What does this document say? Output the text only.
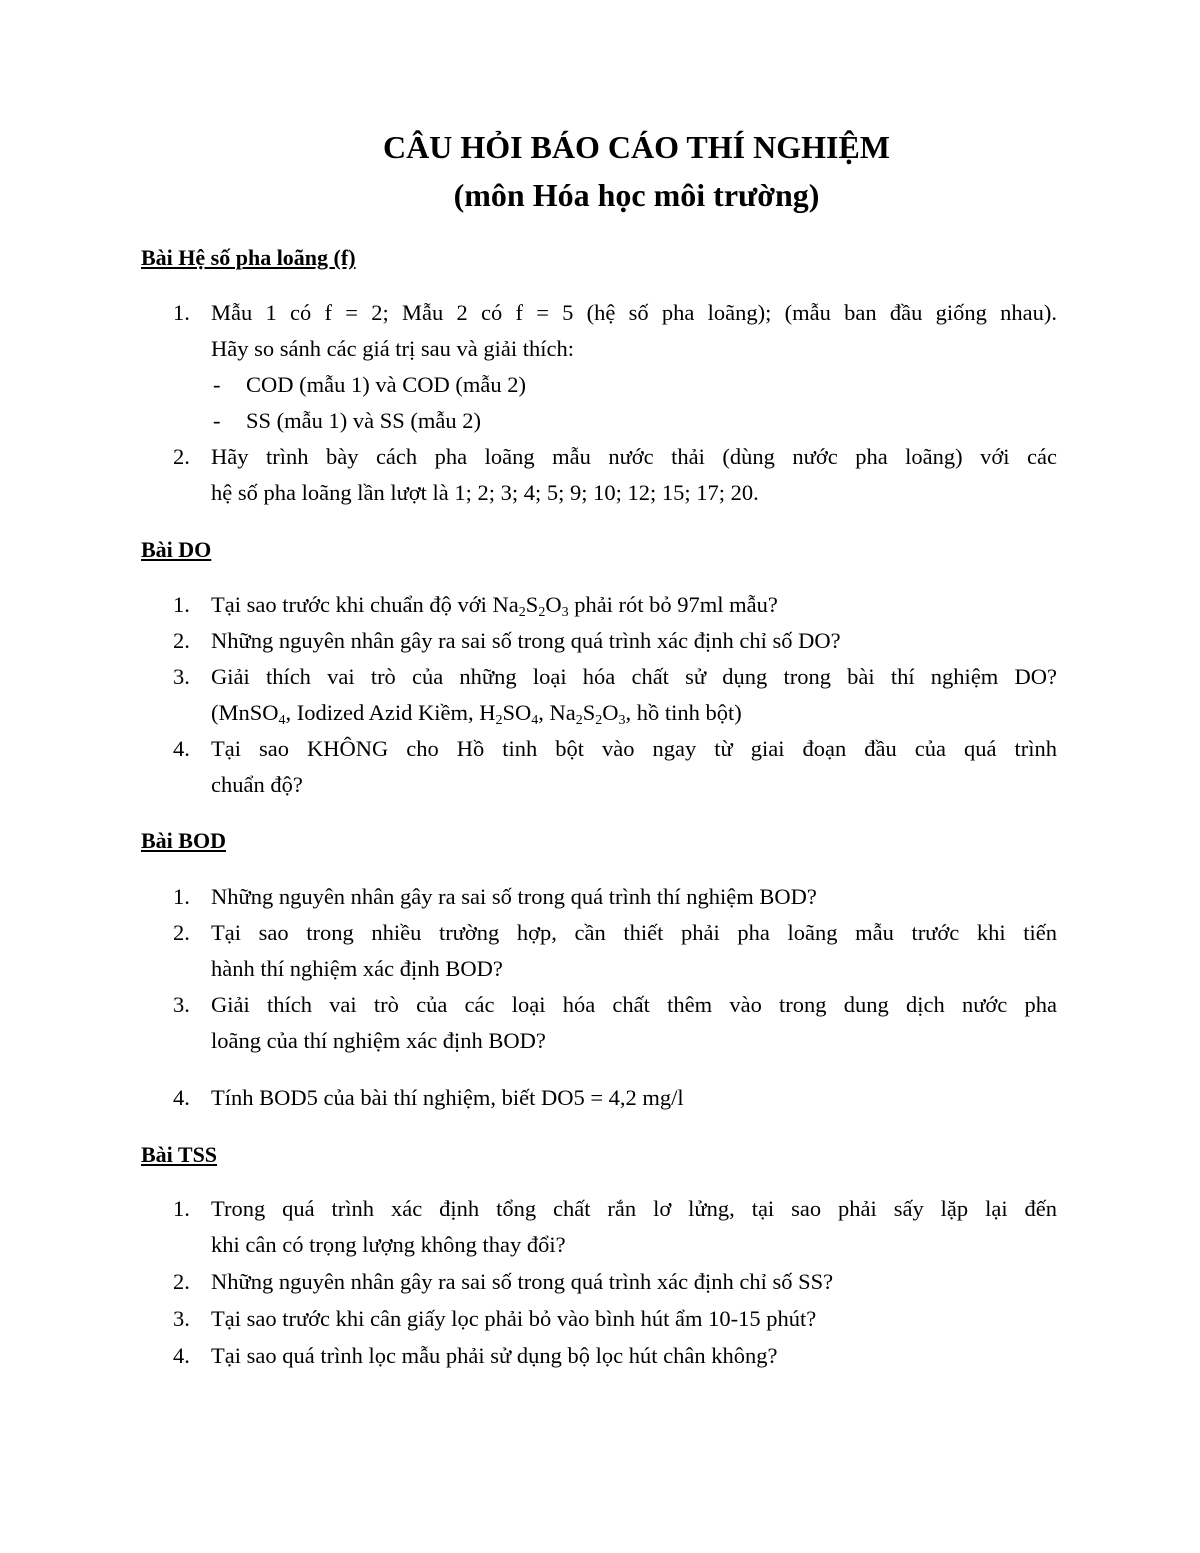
CÂU HỎI BÁO CÁO THÍ NGHIỆM
(môn Hóa học môi trường)
Bài Hệ số pha loãng (f)
1. Mẫu 1 có f = 2; Mẫu 2 có f = 5 (hệ số pha loãng); (mẫu ban đầu giống nhau).
Hãy so sánh các giá trị sau và giải thích:
- COD (mẫu 1) và COD (mẫu 2)
- SS (mẫu 1) và SS (mẫu 2)
2. Hãy trình bày cách pha loãng mẫu nước thải (dùng nước pha loãng) với các
hệ số pha loãng lần lượt là 1; 2; 3; 4; 5; 9; 10; 12; 15; 17; 20.
Bài DO
1. Tại sao trước khi chuẩn độ với $Na_2S_2O_3$ phải rót bỏ 97ml mẫu?
2. Những nguyên nhân gây ra sai số trong quá trình xác định chỉ số DO?
3. Giải thích vai trò của những loại hóa chất sử dụng trong bài thí nghiệm DO?
(MnSO$_4$, Iodized Azid Kiềm, $H_2SO_4$, $Na_2S_2O_3$, hồ tinh bột)
4. Tại sao KHÔNG cho Hồ tinh bột vào ngay từ giai đoạn đầu của quá trình
chuẩn độ?
Bài BOD
1. Những nguyên nhân gây ra sai số trong quá trình thí nghiệm BOD?
2. Tại sao trong nhiều trường hợp, cần thiết phải pha loãng mẫu trước khi tiến
hành thí nghiệm xác định BOD?
3. Giải thích vai trò của các loại hóa chất thêm vào trong dung dịch nước pha
loãng của thí nghiệm xác định BOD?
4. Tính BOD5 của bài thí nghiệm, biết DO5 = 4,2 mg/l
Bài TSS
1. Trong quá trình xác định tổng chất rắn lơ lửng, tại sao phải sấy lặp lại đến
khi cân có trọng lượng không thay đổi?
2. Những nguyên nhân gây ra sai số trong quá trình xác định chỉ số SS?
3. Tại sao trước khi cân giấy lọc phải bỏ vào bình hút ẩm 10-15 phút?
4. Tại sao quá trình lọc mẫu phải sử dụng bộ lọc hút chân không?
